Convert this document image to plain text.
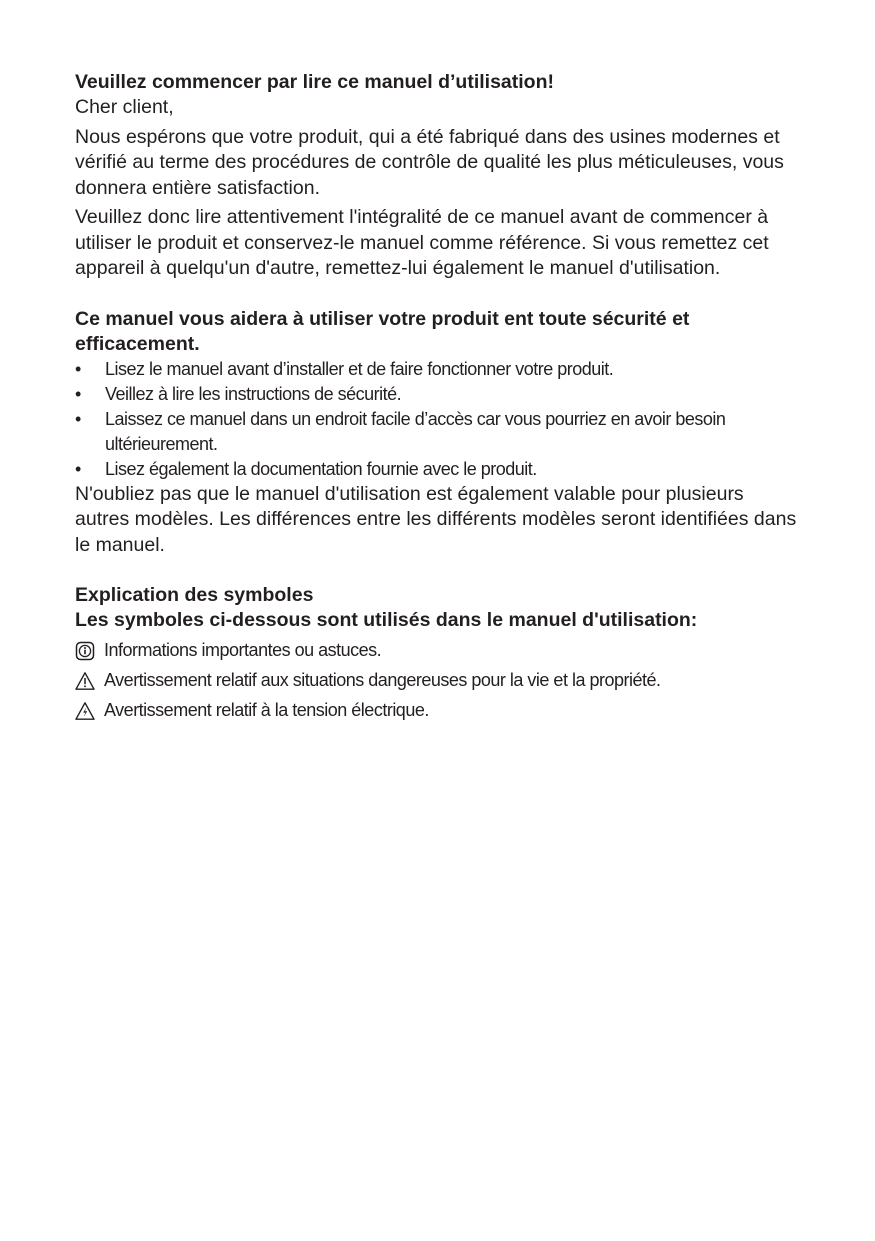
Veuillez commencer par lire ce manuel d’utilisation!

Cher client,

Nous espérons que votre produit, qui a été fabriqué dans des usines modernes et vérifié au terme des procédures de contrôle de qualité les plus méticuleuses, vous donnera entière satisfaction.

Veuillez donc lire attentivement l'intégralité de ce manuel avant de commencer à utiliser le produit et conservez-le manuel comme référence. Si vous remettez cet appareil à quelqu'un d'autre, remettez-lui également le manuel d'utilisation.

Ce manuel vous aidera à utiliser votre produit ent toute sécurité et efficacement.

•	Lisez le manuel avant d’installer et de faire fonctionner votre produit.
•	Veillez à lire les instructions de sécurité.
•	Laissez ce manuel dans un endroit facile d’accès car vous pourriez en avoir besoin ultérieurement.
•	Lisez également la documentation fournie avec le produit.

N'oubliez pas que le manuel d'utilisation est également valable pour plusieurs autres modèles. Les différences entre les différents modèles seront identifiées dans le manuel.

Explication des symboles

Les symboles ci-dessous sont utilisés dans le manuel d'utilisation:

Informations importantes ou astuces.
Avertissement relatif aux situations dangereuses pour la vie et la propriété.
Avertissement relatif à la tension électrique.
